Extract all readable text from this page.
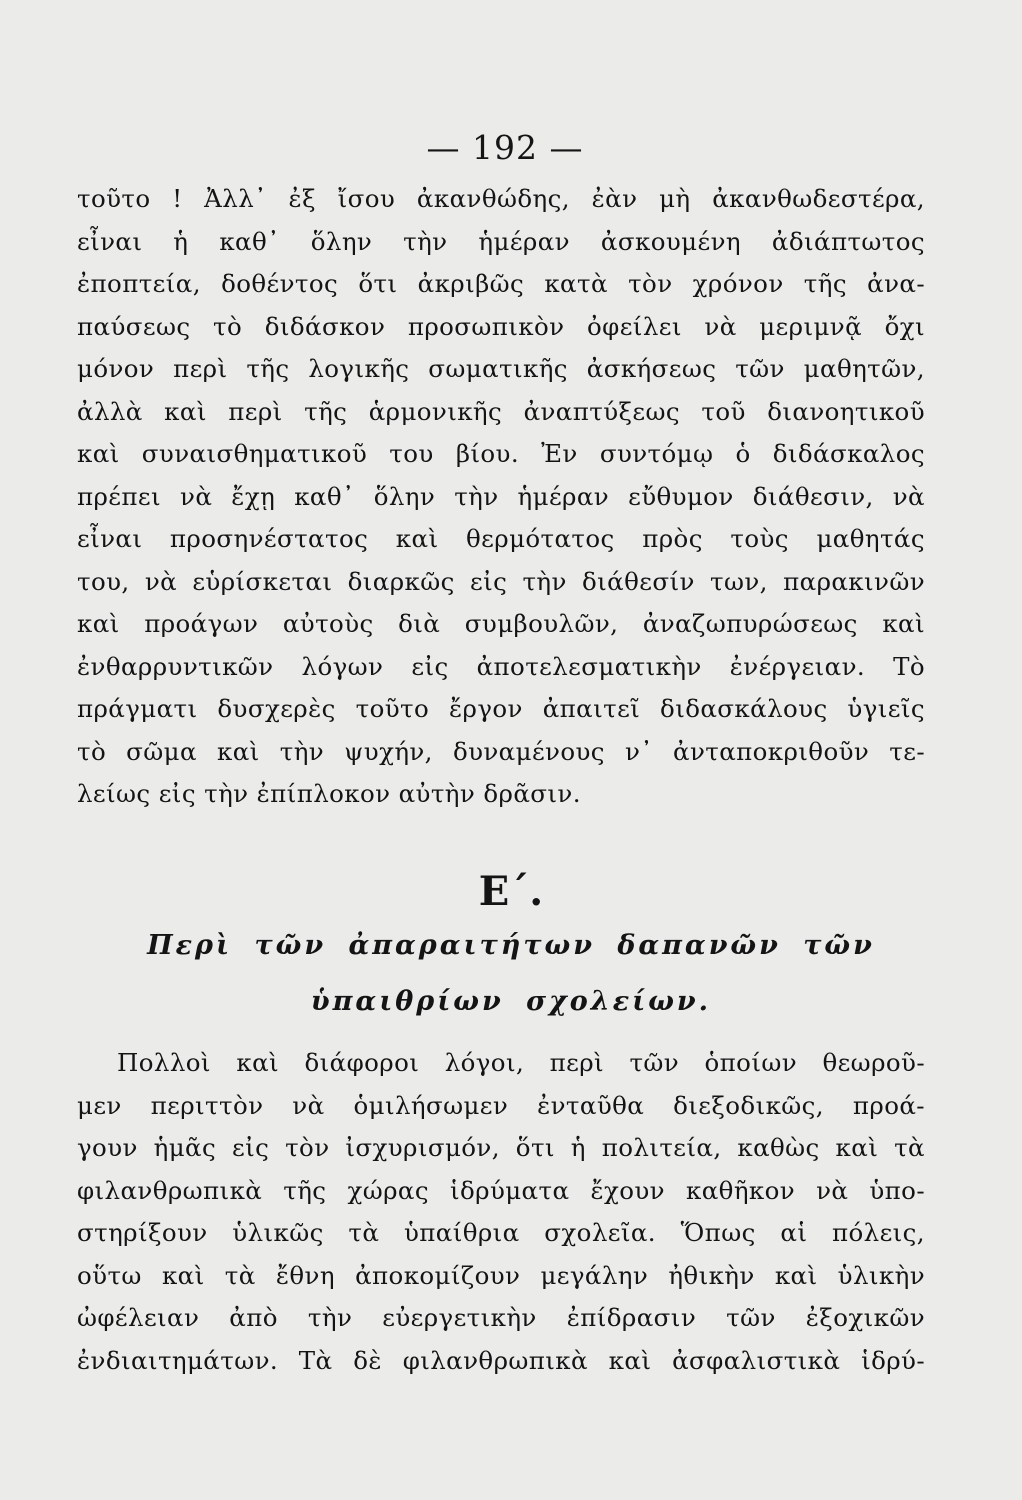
— 192 —
τοῦτο ! Ἀλλ᾽ ἐξ ἴσου ἀκανθώδης, ἐὰν μὴ ἀκανθωδεστέρα,
εἶναι ἡ καθ᾽ ὅλην τὴν ἡμέραν ἀσκουμένη ἀδιάπτωτος
ἐποπτεία, δοθέντος ὅτι ἀκριβῶς κατὰ τὸν χρόνον τῆς ἀνα-
παύσεως τὸ διδάσκον προσωπικὸν ὀφείλει νὰ μεριμνᾷ ὄχι
μόνον περὶ τῆς λογικῆς σωματικῆς ἀσκήσεως τῶν μαθητῶν,
ἀλλὰ καὶ περὶ τῆς ἁρμονικῆς ἀναπτύξεως τοῦ διανοητικοῦ
καὶ συναισθηματικοῦ του βίου. Ἐν συντόμῳ ὁ διδάσκαλος
πρέπει νὰ ἔχῃ καθ᾽ ὅλην τὴν ἡμέραν εὔθυμον διάθεσιν, νὰ
εἶναι προσηνέστατος καὶ θερμότατος πρὸς τοὺς μαθητάς
του, νὰ εὑρίσκεται διαρκῶς εἰς τὴν διάθεσίν των, παρακινῶν
καὶ προάγων αὐτοὺς διὰ συμβουλῶν, ἀναζωπυρώσεως καὶ
ἐνθαρρυντικῶν λόγων εἰς ἀποτελεσματικὴν ἐνέργειαν. Τὸ
πράγματι δυσχερὲς τοῦτο ἔργον ἀπαιτεῖ διδασκάλους ὑγιεῖς
τὸ σῶμα καὶ τὴν ψυχήν, δυναμένους ν᾽ ἀνταποκριθοῦν τε-
λείως εἰς τὴν ἐπίπλοκον αὐτὴν δρᾶσιν.
Ε΄.
Περὶ τῶν ἀπαραιτήτων δαπανῶν τῶν
ὑπαιθρίων σχολείων.
Πολλοὶ καὶ διάφοροι λόγοι, περὶ τῶν ὁποίων θεωροῦ-
μεν περιττὸν νὰ ὁμιλήσωμεν ἐνταῦθα διεξοδικῶς, προά-
γουν ἡμᾶς εἰς τὸν ἰσχυρισμόν, ὅτι ἡ πολιτεία, καθὼς καὶ τὰ
φιλανθρωπικὰ τῆς χώρας ἱδρύματα ἔχουν καθῆκον νὰ ὑπο-
στηρίξουν ὑλικῶς τὰ ὑπαίθρια σχολεῖα. Ὅπως αἱ πόλεις,
οὕτω καὶ τὰ ἔθνη ἀποκομίζουν μεγάλην ἠθικὴν καὶ ὑλικὴν
ὠφέλειαν ἀπὸ τὴν εὐεργετικὴν ἐπίδρασιν τῶν ἐξοχικῶν
ἐνδιαιτημάτων. Τὰ δὲ φιλανθρωπικὰ καὶ ἀσφαλιστικὰ ἱδρύ-
